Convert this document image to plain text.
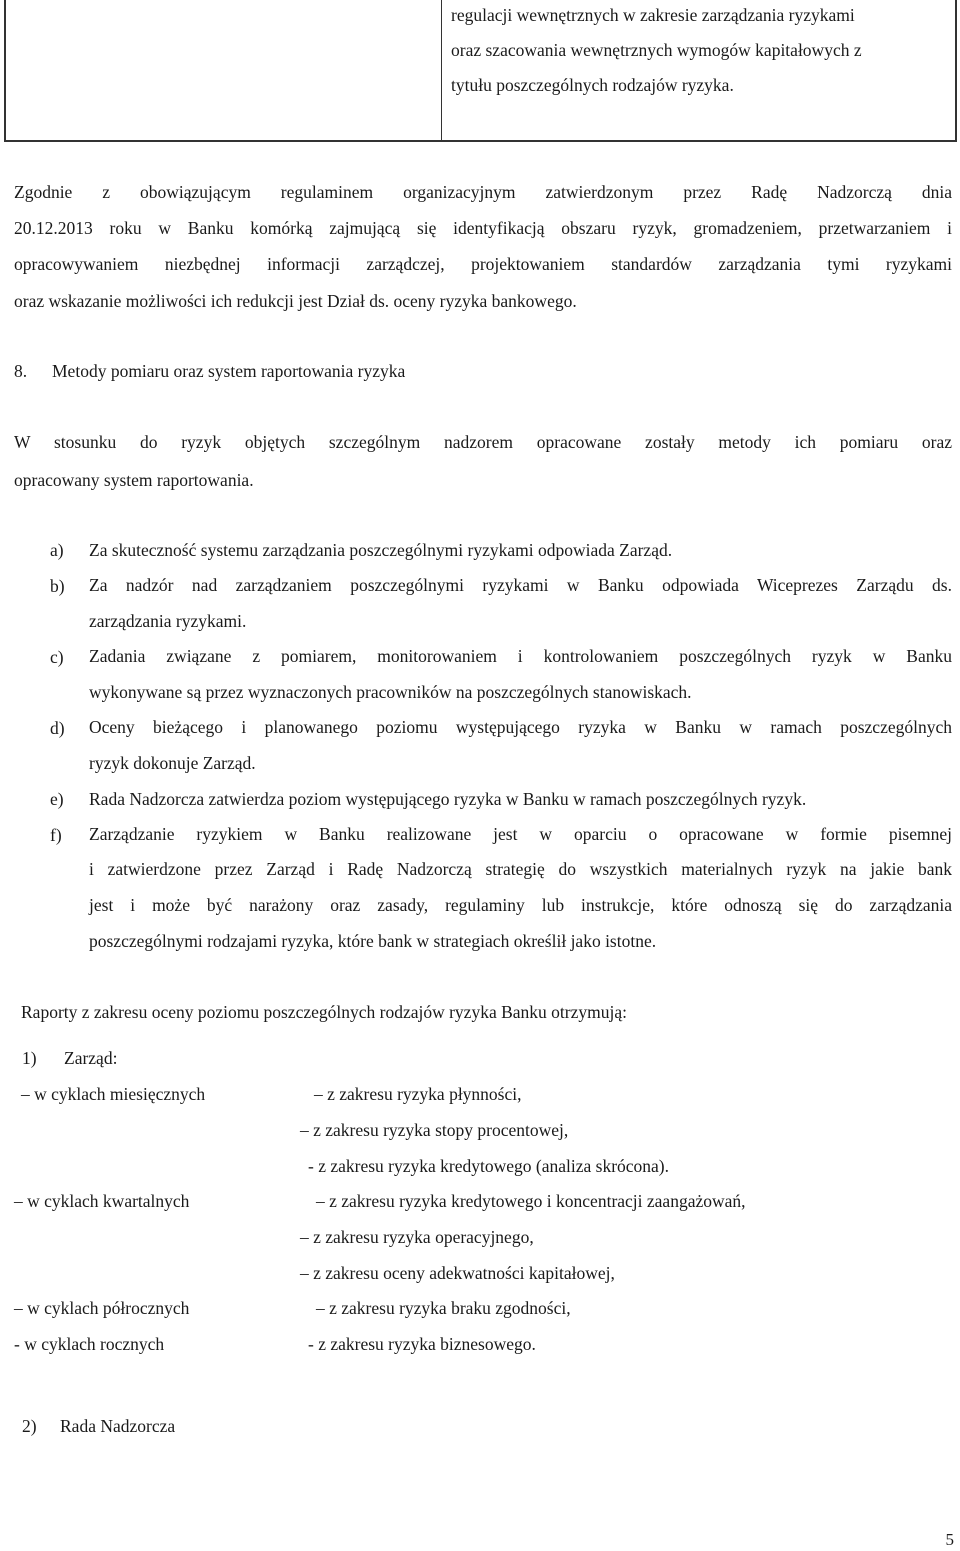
regulacji wewnętrznych w zakresie zarządzania ryzykami
oraz szacowania wewnętrznych wymogów kapitałowych z
tytułu poszczególnych rodzajów ryzyka.
Zgodnie z obowiązującym regulaminem organizacyjnym zatwierdzonym przez Radę Nadzorczą dnia
20.12.2013 roku w Banku komórką zajmującą się identyfikacją obszaru ryzyk, gromadzeniem, przetwarzaniem i
opracowywaniem niezbędnej informacji zarządczej, projektowaniem standardów zarządzania tymi ryzykami
oraz wskazanie możliwości ich redukcji jest Dział ds. oceny ryzyka bankowego.
8. Metody pomiaru oraz system raportowania ryzyka
W stosunku do ryzyk objętych szczególnym nadzorem opracowane zostały metody ich pomiaru oraz
opracowany system raportowania.
a) Za skuteczność systemu zarządzania poszczególnymi ryzykami odpowiada Zarząd.
b) Za nadzór nad zarządzaniem poszczególnymi ryzykami w Banku odpowiada Wiceprezes Zarządu ds.
zarządzania ryzykami.
c) Zadania związane z pomiarem, monitorowaniem i kontrolowaniem poszczególnych ryzyk w Banku
wykonywane są przez wyznaczonych pracowników na poszczególnych stanowiskach.
d) Oceny bieżącego i planowanego poziomu występującego ryzyka w Banku w ramach poszczególnych
ryzyk dokonuje Zarząd.
e) Rada Nadzorcza zatwierdza poziom występującego ryzyka w Banku w ramach poszczególnych ryzyk.
f) Zarządzanie ryzykiem w Banku realizowane jest w oparciu o opracowane w formie pisemnej
i zatwierdzone przez Zarząd i Radę Nadzorczą strategię do wszystkich materialnych ryzyk na jakie bank
jest i może być narażony oraz zasady, regulaminy lub instrukcje, które odnoszą się do zarządzania
poszczególnymi rodzajami ryzyka, które bank w strategiach określił jako istotne.
Raporty z zakresu oceny poziomu poszczególnych rodzajów ryzyka Banku otrzymują:
1) Zarząd:
– w cyklach miesięcznych	– z zakresu ryzyka płynności,
– z zakresu ryzyka stopy procentowej,
- z zakresu ryzyka kredytowego (analiza skrócona).
– w cyklach kwartalnych	– z zakresu ryzyka kredytowego i koncentracji zaangażowań,
– z zakresu ryzyka operacyjnego,
– z zakresu oceny adekwatności kapitałowej,
– w cyklach półrocznych	– z zakresu ryzyka braku zgodności,
- w cyklach rocznych	- z zakresu ryzyka biznesowego.
2) Rada Nadzorcza
5
